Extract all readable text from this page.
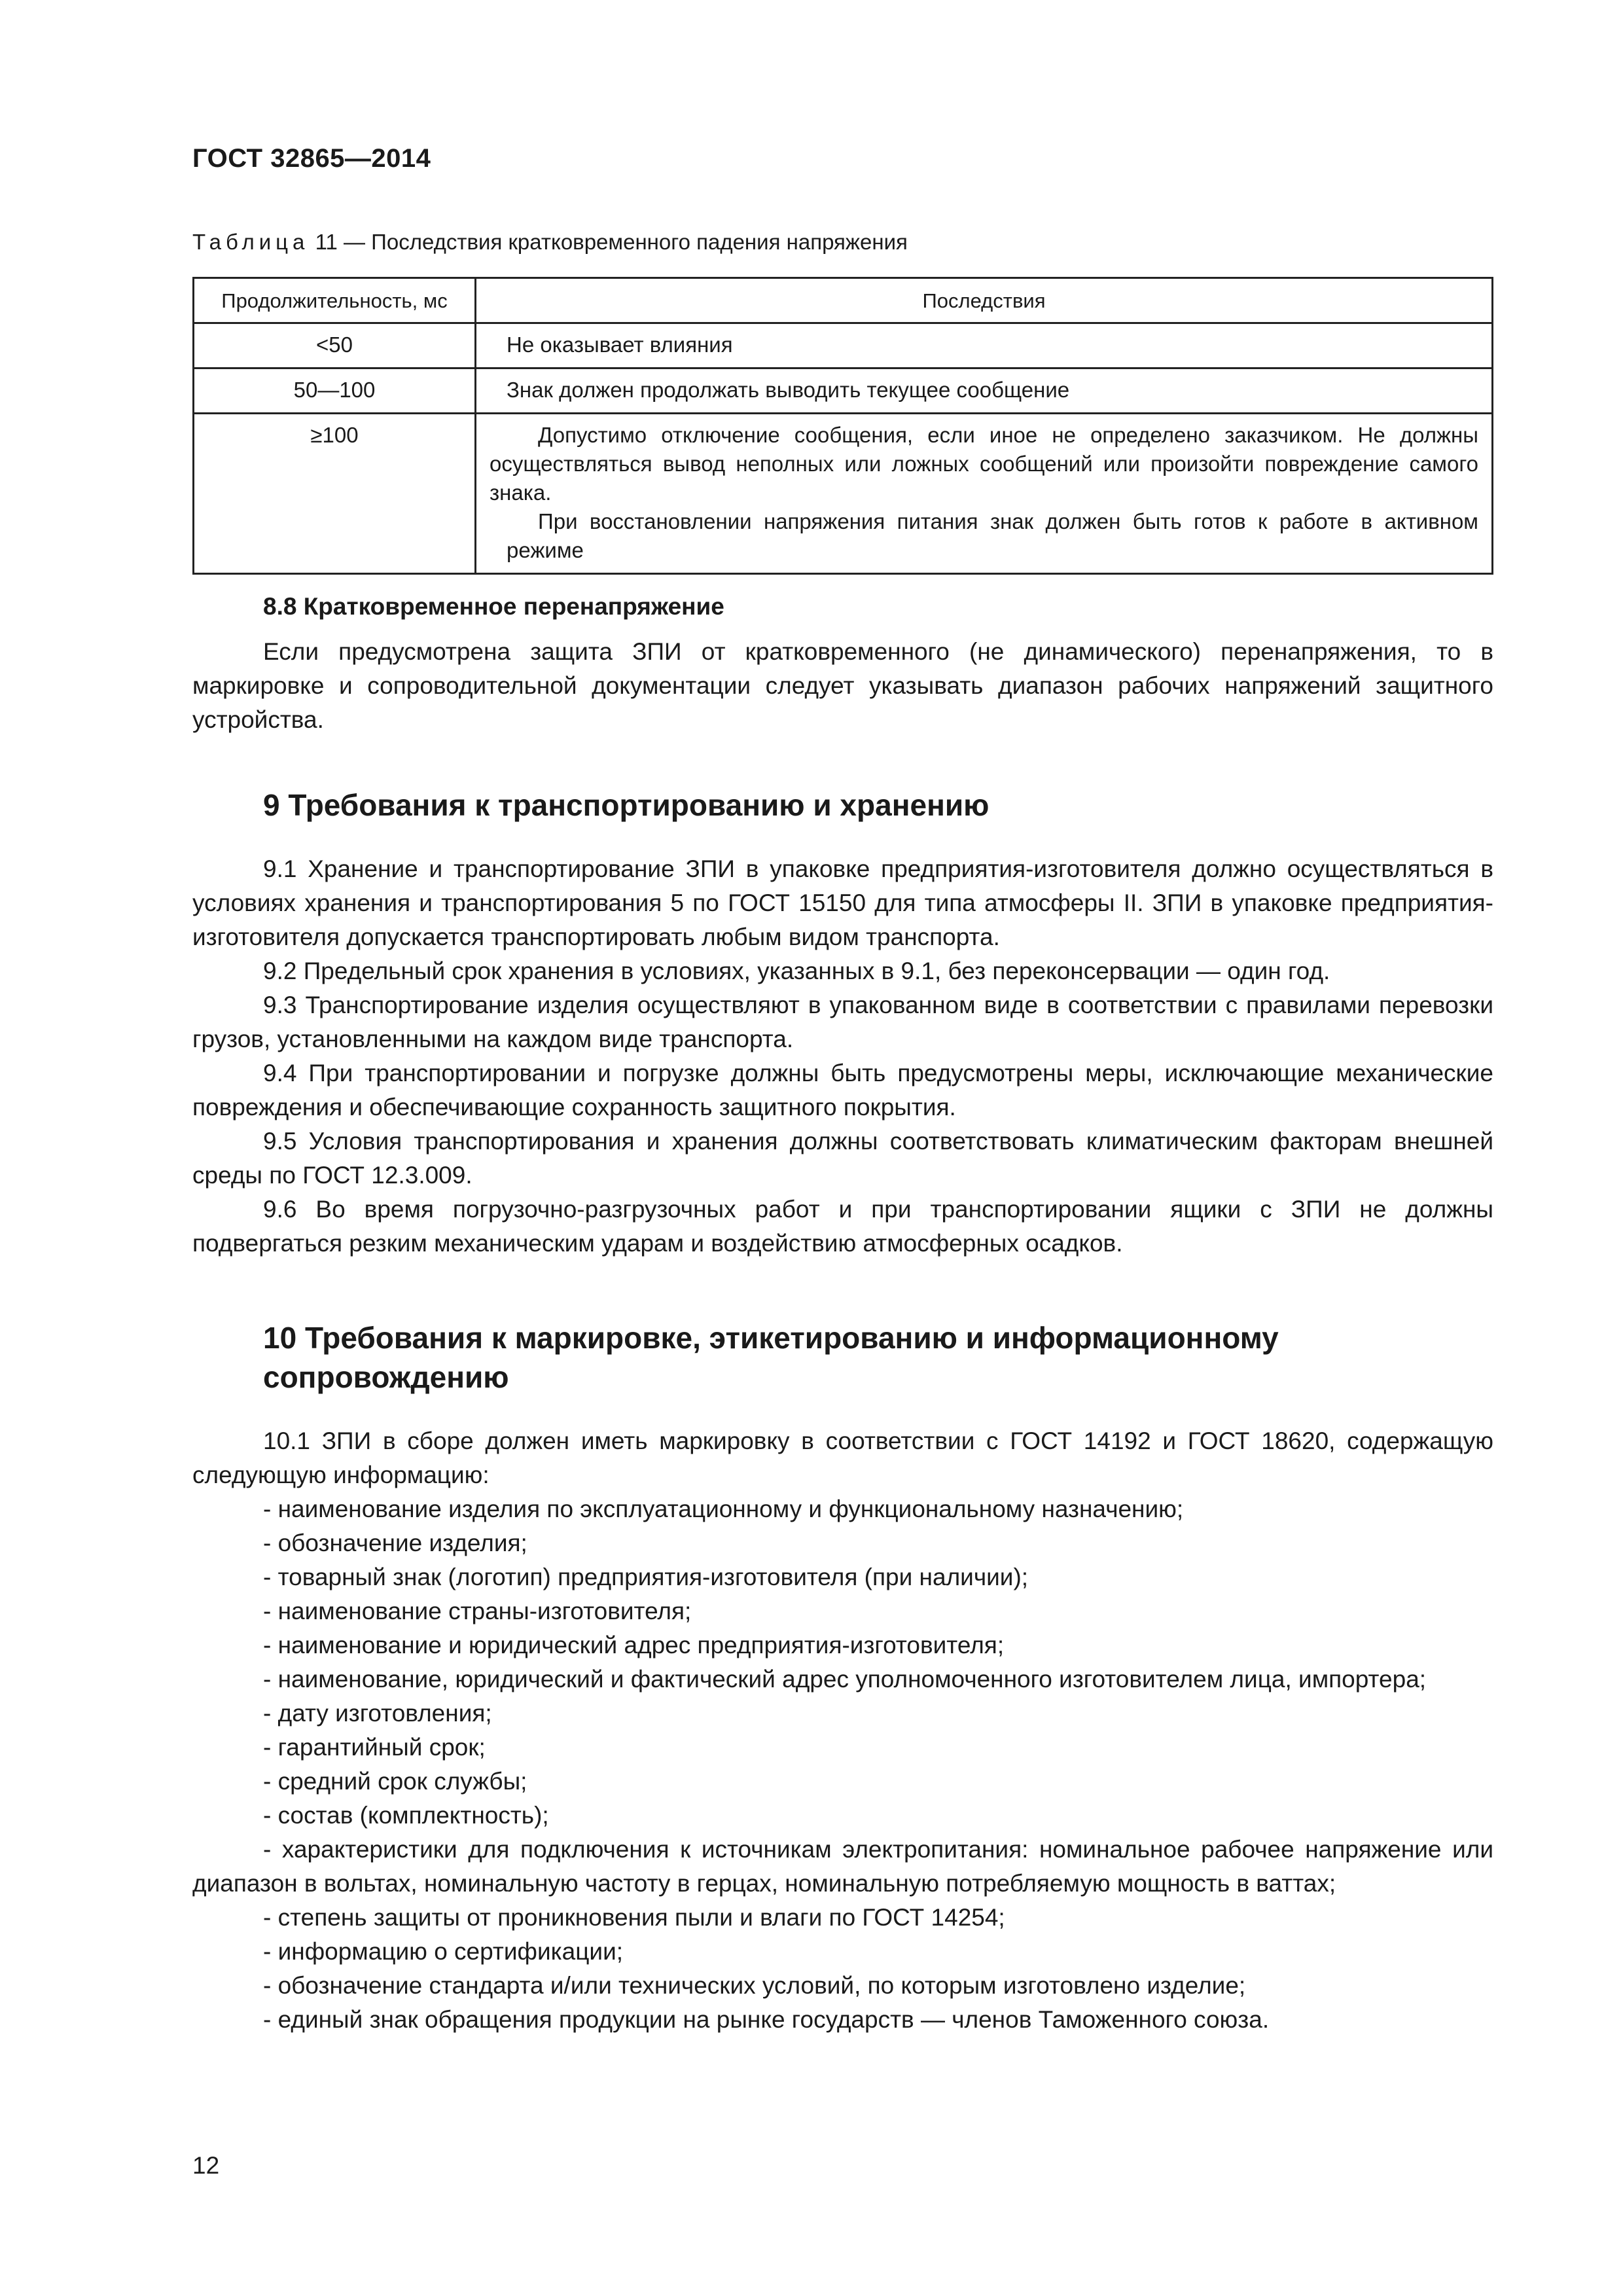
ГОСТ 32865—2014
Таблица 11 — Последствия кратковременного падения напряжения
Продолжительность, мс	Последствия
<50	Не оказывает влияния
50—100	Знак должен продолжать выводить текущее сообщение
≥100	Допустимо отключение сообщения, если иное не определено заказчиком. Не должны осуществляться вывод неполных или ложных сообщений или произойти повреждение самого знака.

При восстановлении напряжения питания знак должен быть готов к работе в активном режиме

8.8 Кратковременное перенапряжение

Если предусмотрена защита ЗПИ от кратковременного (не динамического) перенапряжения, то в маркировке и сопроводительной документации следует указывать диапазон рабочих напряжений защитного устройства.

9 Требования к транспортированию и хранению

9.1 Хранение и транспортирование ЗПИ в упаковке предприятия-изготовителя должно осуществляться в условиях хранения и транспортирования 5 по ГОСТ 15150 для типа атмосферы II. ЗПИ в упаковке предприятия-изготовителя допускается транспортировать любым видом транспорта.

9.2 Предельный срок хранения в условиях, указанных в 9.1, без переконсервации — один год.

9.3 Транспортирование изделия осуществляют в упакованном виде в соответствии с правилами перевозки грузов, установленными на каждом виде транспорта.

9.4 При транспортировании и погрузке должны быть предусмотрены меры, исключающие механические повреждения и обеспечивающие сохранность защитного покрытия.

9.5 Условия транспортирования и хранения должны соответствовать климатическим факторам внешней среды по ГОСТ 12.3.009.

9.6 Во время погрузочно-разгрузочных работ и при транспортировании ящики с ЗПИ не должны подвергаться резким механическим ударам и воздействию атмосферных осадков.

10 Требования к маркировке, этикетированию и информационному сопровождению

10.1 ЗПИ в сборе должен иметь маркировку в соответствии с ГОСТ 14192 и ГОСТ 18620, содержащую следующую информацию:

- наименование изделия по эксплуатационному и функциональному назначению;

- обозначение изделия;

- товарный знак (логотип) предприятия-изготовителя (при наличии);

- наименование страны-изготовителя;

- наименование и юридический адрес предприятия-изготовителя;

- наименование, юридический и фактический адрес уполномоченного изготовителем лица, импортера;

- дату изготовления;

- гарантийный срок;

- средний срок службы;

- состав (комплектность);

- характеристики для подключения к источникам электропитания: номинальное рабочее напряжение или диапазон в вольтах, номинальную частоту в герцах, номинальную потребляемую мощность в ваттах;

- степень защиты от проникновения пыли и влаги по ГОСТ 14254;

- информацию о сертификации;

- обозначение стандарта и/или технических условий, по которым изготовлено изделие;

- единый знак обращения продукции на рынке государств — членов Таможенного союза.

12
